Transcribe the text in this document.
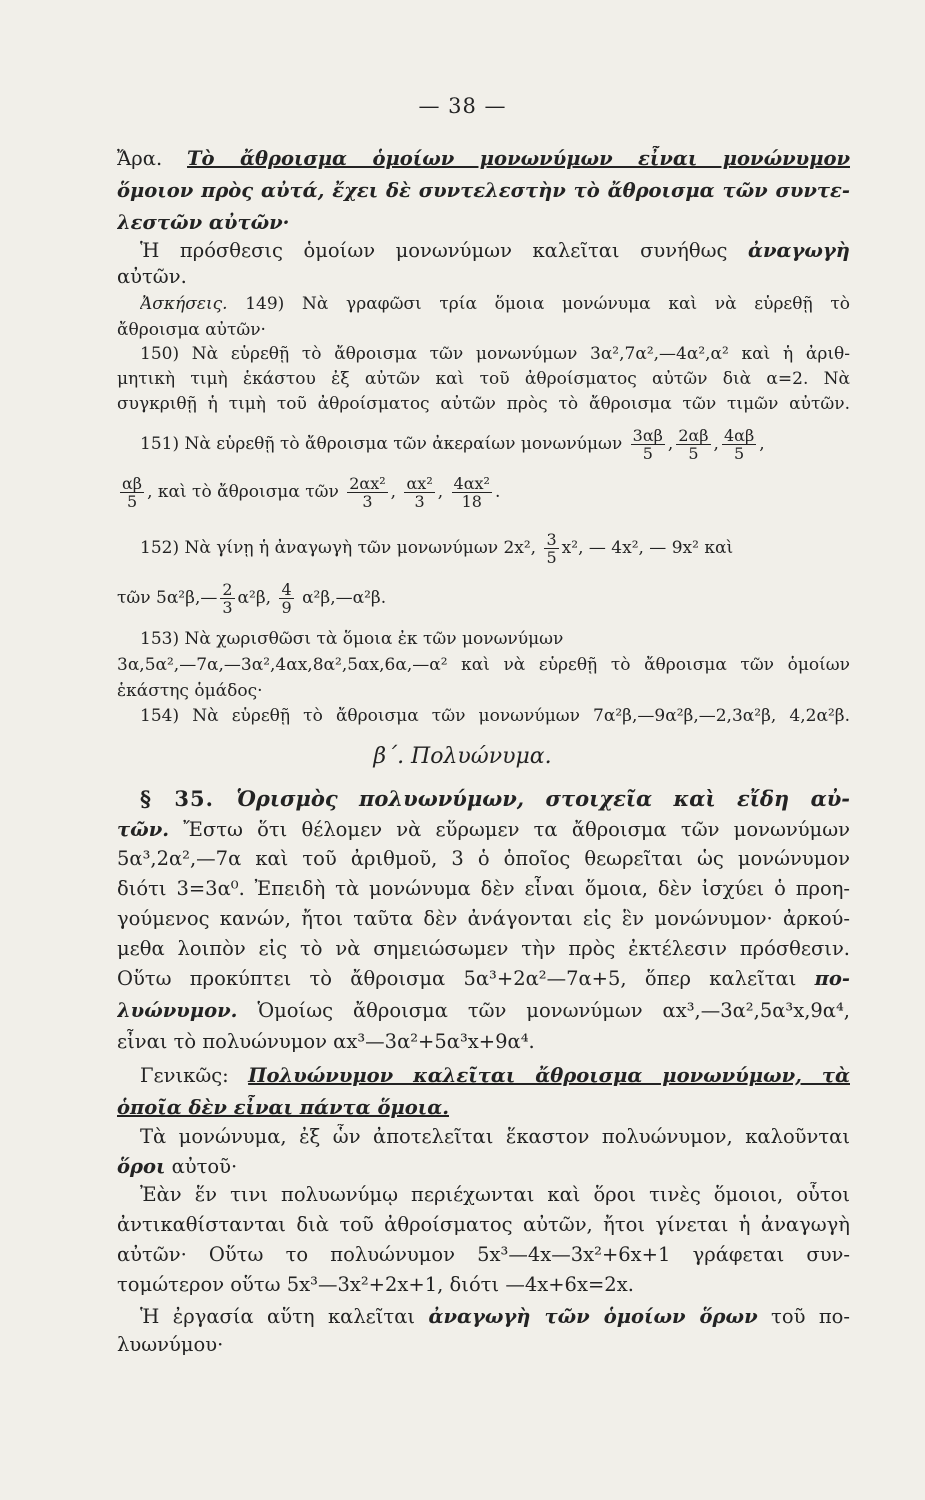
— 38 —
Ἄρα. Τὸ ἄθροισμα ὁμοίων μονωνύμων εἶναι μονώνυμον
ὅμοιον πρὸς αὐτά, ἔχει δὲ συντελεστὴν τὸ ἄθροισμα τῶν συντε-
λεστῶν αὐτῶν·
Ἡ πρόσθεσις ὁμοίων μονωνύμων καλεῖται συνήθως ἀναγωγὴ
αὐτῶν.
Ἀσκήσεις. 149) Νὰ γραφῶσι τρία ὅμοια μονώνυμα καὶ νὰ εὑρεθῇ τὸ
ἄθροισμα αὐτῶν·
150) Νὰ εὑρεθῇ τὸ ἄθροισμα τῶν μονωνύμων 3α²,7α²,—4α²,α² καὶ ἡ ἀριθ-
μητικὴ τιμὴ ἑκάστου ἐξ αὐτῶν καὶ τοῦ ἀθροίσματος αὐτῶν διὰ α=2. Νὰ
συγκριθῇ ἡ τιμὴ τοῦ ἀθροίσματος αὐτῶν πρὸς τὸ ἄθροισμα τῶν τιμῶν αὐτῶν.
151) Νὰ εὑρεθῇ τὸ ἄθροισμα τῶν ἀκεραίων μονωνύμων $\frac{3\alpha\beta}{5}$ , $\frac{2\alpha\beta}{5}$ , $\frac{4\alpha\beta}{5}$ ,
$\frac{\alpha\beta}{5}$ , καὶ τὸ ἄθροισμα τῶν $\frac{\text{2αx²}}{3}$ , $\frac{\text{αx²}}{3}$ , $\frac{\text{4αx²}}{18}$ .
152) Νὰ γίνῃ ἡ ἀναγωγὴ τῶν μονωνύμων 2x², $\frac{3}{5} x^2$, — 4x², — 9x² καὶ
τῶν 5α²β,— $\frac{2}{3} \alpha^2\beta$, $\frac{4}{9}$ α²β,—α²β.
153) Νὰ χωρισθῶσι τὰ ὅμοια ἐκ τῶν μονωνύμων
3α,5α²,—7α,—3α²,4αx,8α²,5αx,6α,—α² καὶ νὰ εὑρεθῇ τὸ ἄθροισμα τῶν ὁμοίων
ἑκάστης ὁμάδος·
154) Νὰ εὑρεθῇ τὸ ἄθροισμα τῶν μονωνύμων 7α²β,—9α²β,—2,3α²β, 4,2α²β.
β΄. Πολυώνυμα.
§ 35. Ὁρισμὸς πολυωνύμων, στοιχεῖα καὶ εἴδη αὐ-
τῶν. Ἔστω ὅτι θέλομεν νὰ εὕρωμεν τα ἄθροισμα τῶν μονωνύμων
5α³,2α²,—7α καὶ τοῦ ἀριθμοῦ, 3 ὁ ὁποῖος θεωρεῖται ὡς μονώνυμον
διότι 3=3α⁰. Ἐπειδὴ τὰ μονώνυμα δὲν εἶναι ὅμοια, δὲν ἰσχύει ὁ προη-
γούμενος κανών, ἤτοι ταῦτα δὲν ἀνάγονται εἰς ἓν μονώνυμον· ἀρκού-
μεθα λοιπὸν εἰς τὸ νὰ σημειώσωμεν τὴν πρὸς ἐκτέλεσιν πρόσθεσιν.
Οὕτω προκύπτει τὸ ἄθροισμα 5α³+2α²—7α+5, ὅπερ καλεῖται πο-
λυώνυμον. Ὁμοίως ἄθροισμα τῶν μονωνύμων αx³,—3α²,5α³x,9α⁴,
εἶναι τὸ πολυώνυμον αx³—3α²+5α³x+9α⁴.
Γενικῶς: Πολυώνυμον καλεῖται ἄθροισμα μονωνύμων, τὰ
ὁποῖα δὲν εἶναι πάντα ὅμοια.
Τὰ μονώνυμα, ἐξ ὧν ἀποτελεῖται ἕκαστον πολυώνυμον, καλοῦνται
ὅροι αὐτοῦ·
Ἐὰν ἕν τινι πολυωνύμῳ περιέχωνται καὶ ὅροι τινὲς ὅμοιοι, οὗτοι
ἀντικαθίστανται διὰ τοῦ ἀθροίσματος αὐτῶν, ἤτοι γίνεται ἡ ἀναγωγὴ
αὐτῶν· Οὕτω το πολυώνυμον 5x³—4x—3x²+6x+1 γράφεται συν-
τομώτερον οὕτω 5x³—3x²+2x+1, διότι —4x+6x=2x.
Ἡ ἐργασία αὕτη καλεῖται ἀναγωγὴ τῶν ὁμοίων ὅρων τοῦ πο-
λυωνύμου·
